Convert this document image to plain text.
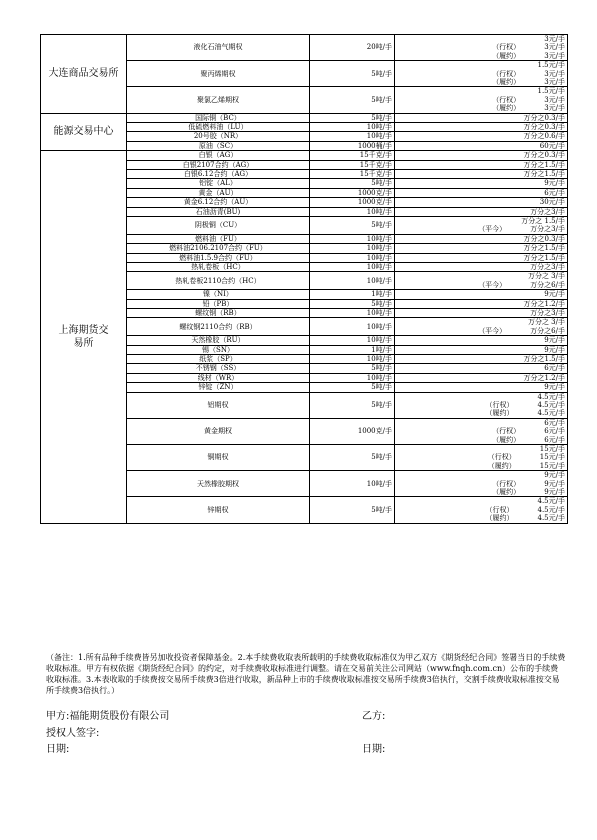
大连商品交易所	液化石油气期权	20吨/手	3元/手
（行权） 3元/手
（履约） 3元/手

	聚丙烯期权	5吨/手	1.5元/手
（行权） 3元/手
（履约） 3元/手

	聚氯乙烯期权	5吨/手	1.5元/手
（行权） 3元/手
（履约） 3元/手

能源交易中心	国际铜（BC）	5吨/手	万分之0.3/手

	低硫燃料油（LU）	10吨/手	万分之0.3/手

	20号胶（NR）	10吨/手	万分之0.6/手

	原油（SC）	1000桶/手	60元/手

上海期货交易所	白银（AG）	15千克/手	万分之0.3/手

	白银2107合约（AG）	15千克/手	万分之1.5/手

	白银6.12合约（AG）	15千克/手	万分之1.5/手

	铝锭（AL）	5吨/手	9元/手

	黄金（AU）	1000克/手	6元/手

	黄金6.12合约（AU）	1000克/手	30元/手

	石油沥青(BU)	10吨/手	万分之3/手

	阴极铜（CU）	5吨/手	万分之 1.5/手
（平今） 万分之3/手

	燃料油（FU）	10吨/手	万分之0.3/手

	燃料油2106.2107合约（FU）	10吨/手	万分之1.5/手

	燃料油1.5.9合约（FU）	10吨/手	万分之1.5/手

	热轧卷板（HC）	10吨/手	万分之3/手

	热轧卷板2110合约（HC）	10吨/手	万分之 3/手
（平今） 万分之6/手

	镍（NI）	1吨/手	9元/手

	铅（PB）	5吨/手	万分之1.2/手

	螺纹钢（RB）	10吨/手	万分之3/手

	螺纹钢2110合约（RB）	10吨/手	万分之 3/手
（平今） 万分之6/手

	天然橡胶（RU）	10吨/手	9元/手

	锡（SN）	1吨/手	9元/手

	纸浆（SP）	10吨/手	万分之1.5/手

	不锈钢（SS）	5吨/手	6元/手

	线材（WR）	10吨/手	万分之1.2/手

	锌锭（ZN）	5吨/手	9元/手

	铝期权	5吨/手	4.5元/手
（行权） 4.5元/手
（履约） 4.5元/手

	黄金期权	1000克/手	6元/手
（行权） 6元/手
（履约） 6元/手

	铜期权	5吨/手	15元/手
（行权） 15元/手
（履约） 15元/手

	天然橡胶期权	10吨/手	9元/手
（行权） 9元/手
（履约） 9元/手

	锌期权	5吨/手	4.5元/手
（行权） 4.5元/手
（履约） 4.5元/手
（备注：1.所有品种手续费皆另加收投资者保障基金。2.本手续费收取表所载明的手续费收取标准仅为甲乙双方《期货经纪合同》签署当日的手续费收取标准。甲方有权依据《期货经纪合同》的约定，对手续费收取标准进行调整。请在交易前关注公司网站（www.fnqh.com.cn）公布的手续费收取标准。3.本表收取的手续费按交易所手续费3倍进行收取，新品种上市的手续费收取标准按交易所手续费3倍执行，交割手续费收取标准按交易所手续费3倍执行。）
甲方:福能期货股份有限公司	乙方:
授权人签字:
日期:	日期:
